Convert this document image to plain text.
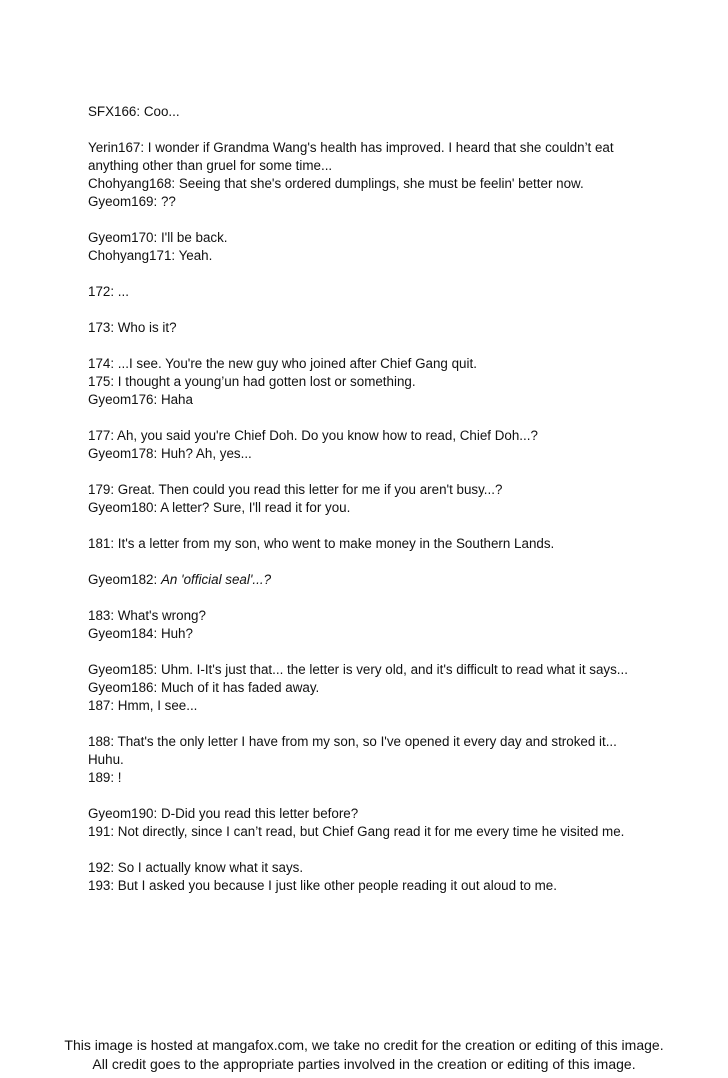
SFX166: Coo...
Yerin167: I wonder if Grandma Wang's health has improved. I heard that she couldn’t eat
anything other than gruel for some time...
Chohyang168: Seeing that she's ordered dumplings, she must be feelin' better now.
Gyeom169: ??
Gyeom170: I'll be back.
Chohyang171: Yeah.
172: ...
173: Who is it?
174: ...I see. You're the new guy who joined after Chief Gang quit.
175: I thought a young’un had gotten lost or something.
Gyeom176: Haha
177: Ah, you said you're Chief Doh. Do you know how to read, Chief Doh...?
Gyeom178: Huh? Ah, yes...
179: Great. Then could you read this letter for me if you aren't busy...?
Gyeom180: A letter? Sure, I'll read it for you.
181: It's a letter from my son, who went to make money in the Southern Lands.
Gyeom182: An 'official seal'...?
183: What's wrong?
Gyeom184: Huh?
Gyeom185: Uhm. I-It's just that... the letter is very old, and it's difficult to read what it says...
Gyeom186: Much of it has faded away.
187: Hmm, I see...
188: That's the only letter I have from my son, so I've opened it every day and stroked it...
Huhu.
189: !
Gyeom190: D-Did you read this letter before?
191: Not directly, since I can’t read, but Chief Gang read it for me every time he visited me.
192: So I actually know what it says.
193: But I asked you because I just like other people reading it out aloud to me.
This image is hosted at mangafox.com, we take no credit for the creation or editing of this image.
All credit goes to the appropriate parties involved in the creation or editing of this image.
